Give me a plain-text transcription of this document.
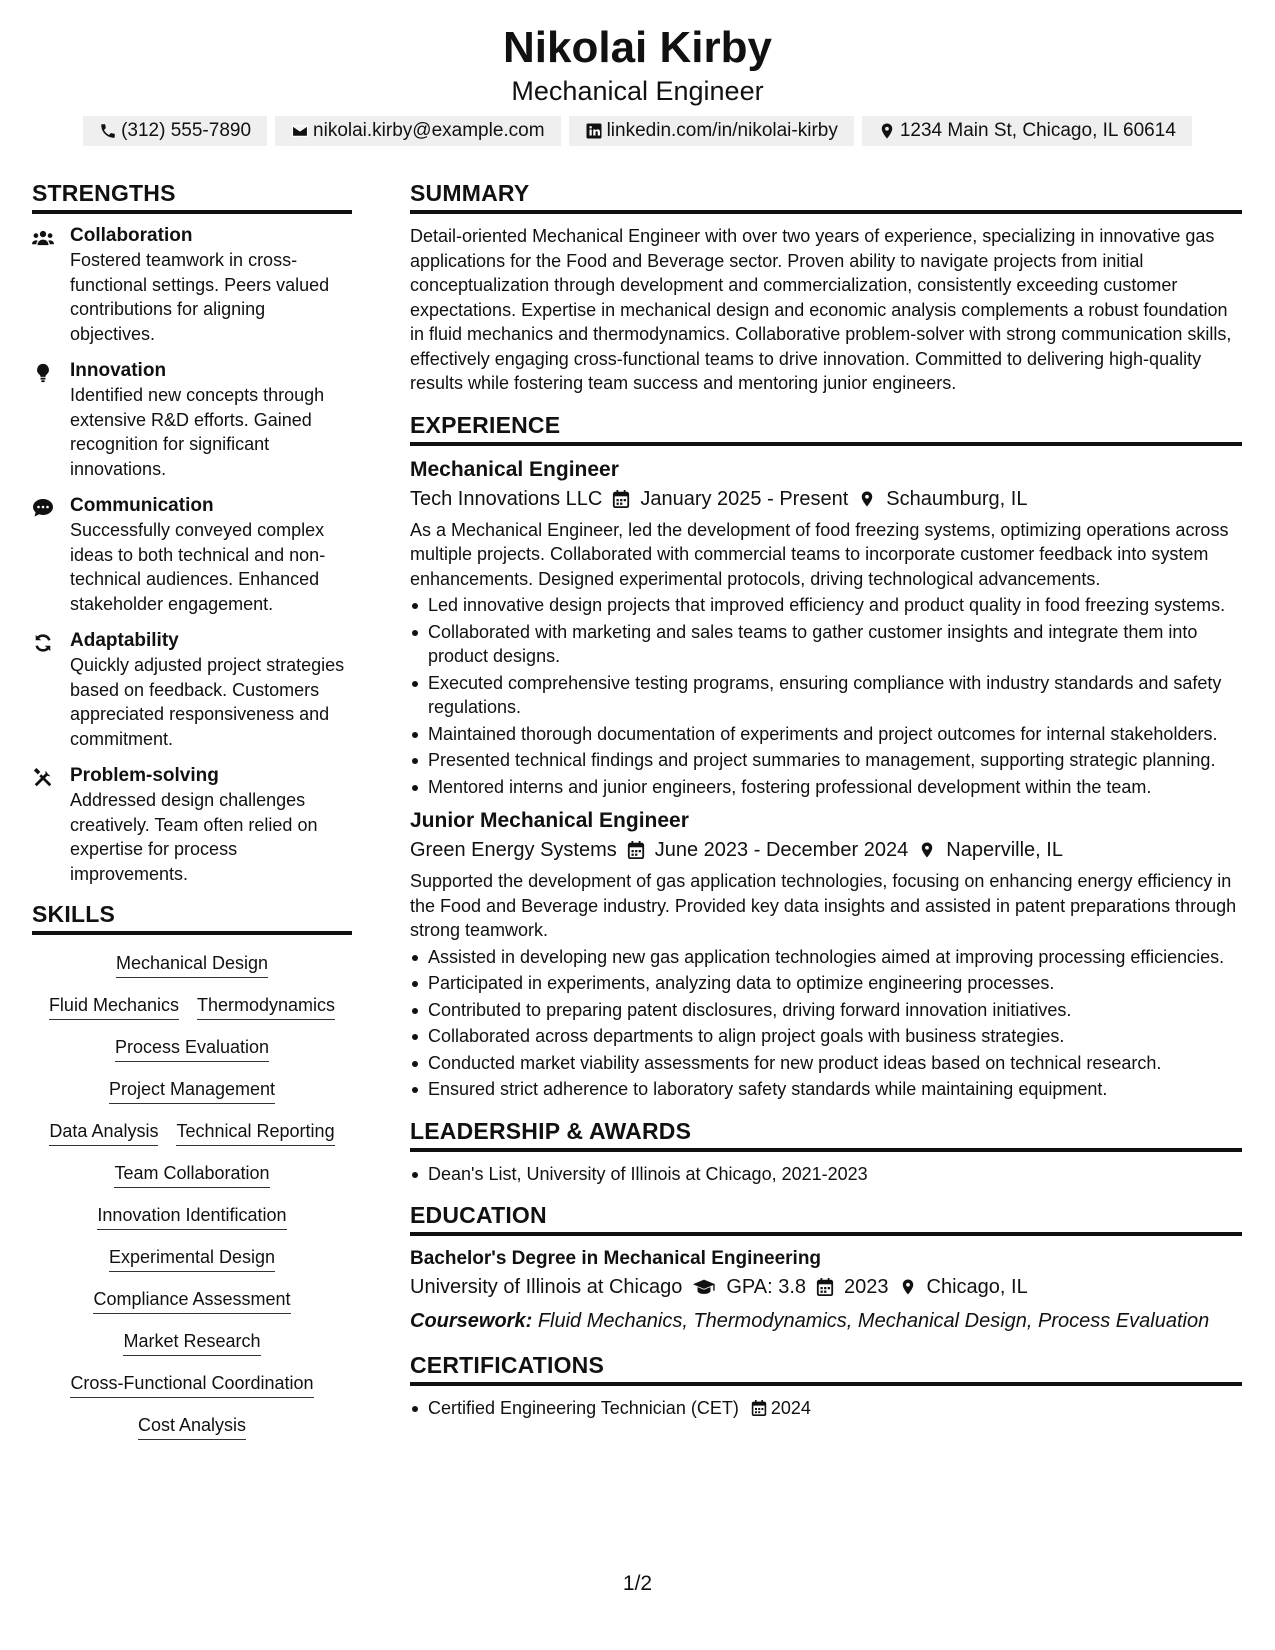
Nikolai Kirby
Mechanical Engineer
(312) 555-7890	nikolai.kirby@example.com	linkedin.com/in/nikolai-kirby	1234 Main St, Chicago, IL 60614
STRENGTHS
Collaboration
Fostered teamwork in cross-functional settings. Peers valued contributions for aligning objectives.
Innovation
Identified new concepts through extensive R&D efforts. Gained recognition for significant innovations.
Communication
Successfully conveyed complex ideas to both technical and non-technical audiences. Enhanced stakeholder engagement.
Adaptability
Quickly adjusted project strategies based on feedback. Customers appreciated responsiveness and commitment.
Problem-solving
Addressed design challenges creatively. Team often relied on expertise for process improvements.
SKILLS
Mechanical Design
Fluid Mechanics Thermodynamics
Process Evaluation
Project Management
Data Analysis Technical Reporting
Team Collaboration
Innovation Identification
Experimental Design
Compliance Assessment
Market Research
Cross-Functional Coordination
Cost Analysis
SUMMARY
Detail-oriented Mechanical Engineer with over two years of experience, specializing in innovative gas applications for the Food and Beverage sector. Proven ability to navigate projects from initial conceptualization through development and commercialization, consistently exceeding customer expectations. Expertise in mechanical design and economic analysis complements a robust foundation in fluid mechanics and thermodynamics. Collaborative problem-solver with strong communication skills, effectively engaging cross-functional teams to drive innovation. Committed to delivering high-quality results while fostering team success and mentoring junior engineers.
EXPERIENCE
Mechanical Engineer
Tech Innovations LLC January 2025 - Present Schaumburg, IL
As a Mechanical Engineer, led the development of food freezing systems, optimizing operations across multiple projects. Collaborated with commercial teams to incorporate customer feedback into system enhancements. Designed experimental protocols, driving technological advancements.
Led innovative design projects that improved efficiency and product quality in food freezing systems.
Collaborated with marketing and sales teams to gather customer insights and integrate them into product designs.
Executed comprehensive testing programs, ensuring compliance with industry standards and safety regulations.
Maintained thorough documentation of experiments and project outcomes for internal stakeholders.
Presented technical findings and project summaries to management, supporting strategic planning.
Mentored interns and junior engineers, fostering professional development within the team.
Junior Mechanical Engineer
Green Energy Systems June 2023 - December 2024 Naperville, IL
Supported the development of gas application technologies, focusing on enhancing energy efficiency in the Food and Beverage industry. Provided key data insights and assisted in patent preparations through strong teamwork.
Assisted in developing new gas application technologies aimed at improving processing efficiencies.
Participated in experiments, analyzing data to optimize engineering processes.
Contributed to preparing patent disclosures, driving forward innovation initiatives.
Collaborated across departments to align project goals with business strategies.
Conducted market viability assessments for new product ideas based on technical research.
Ensured strict adherence to laboratory safety standards while maintaining equipment.
LEADERSHIP & AWARDS
Dean's List, University of Illinois at Chicago, 2021-2023
EDUCATION
Bachelor's Degree in Mechanical Engineering
University of Illinois at Chicago GPA: 3.8 2023 Chicago, IL
Coursework: Fluid Mechanics, Thermodynamics, Mechanical Design, Process Evaluation
CERTIFICATIONS
Certified Engineering Technician (CET) 2024
1/2
